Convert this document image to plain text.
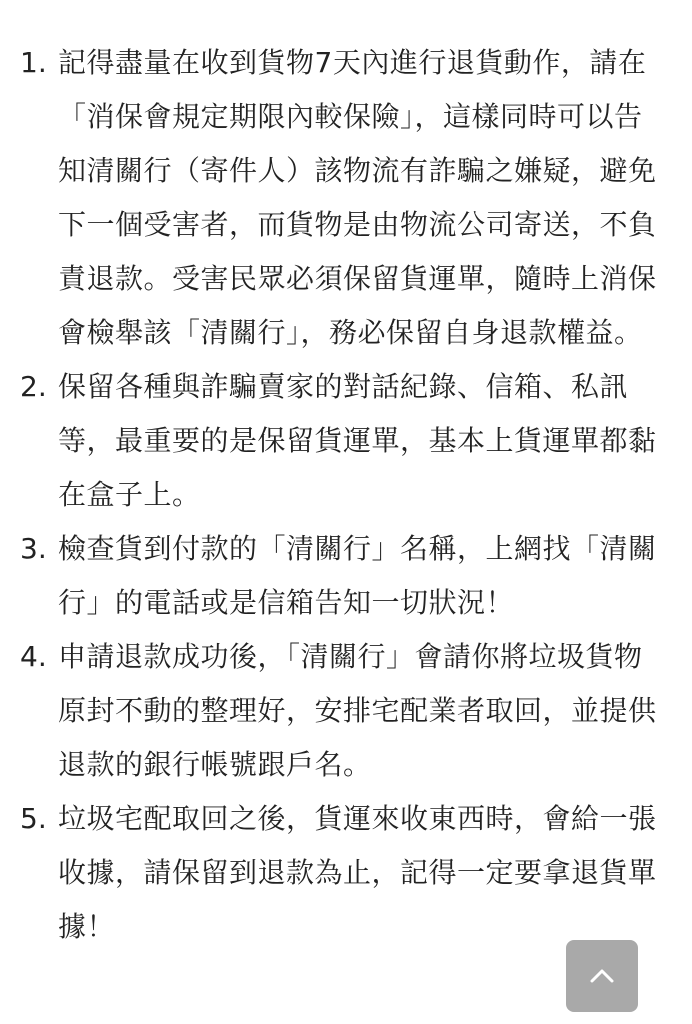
1. 記得盡量在收到貨物7天內進行退貨動作，請在「消保會規定期限內較保險」，這樣同時可以告知清關行（寄件人）該物流有詐騙之嫌疑，避免下一個受害者，而貨物是由物流公司寄送，不負責退款。受害民眾必須保留貨運單，隨時上消保會檢舉該「清關行」，務必保留自身退款權益。

2. 保留各種與詐騙賣家的對話紀錄、信箱、私訊等，最重要的是保留貨運單，基本上貨運單都黏在盒子上。

3. 檢查貨到付款的「清關行」名稱，上網找「清關行」的電話或是信箱告知一切狀況！

4. 申請退款成功後，「清關行」會請你將垃圾貨物原封不動的整理好，安排宅配業者取回，並提供退款的銀行帳號跟戶名。

5. 垃圾宅配取回之後，貨運來收東西時，會給一張收據，請保留到退款為止，記得一定要拿退貨單據！
